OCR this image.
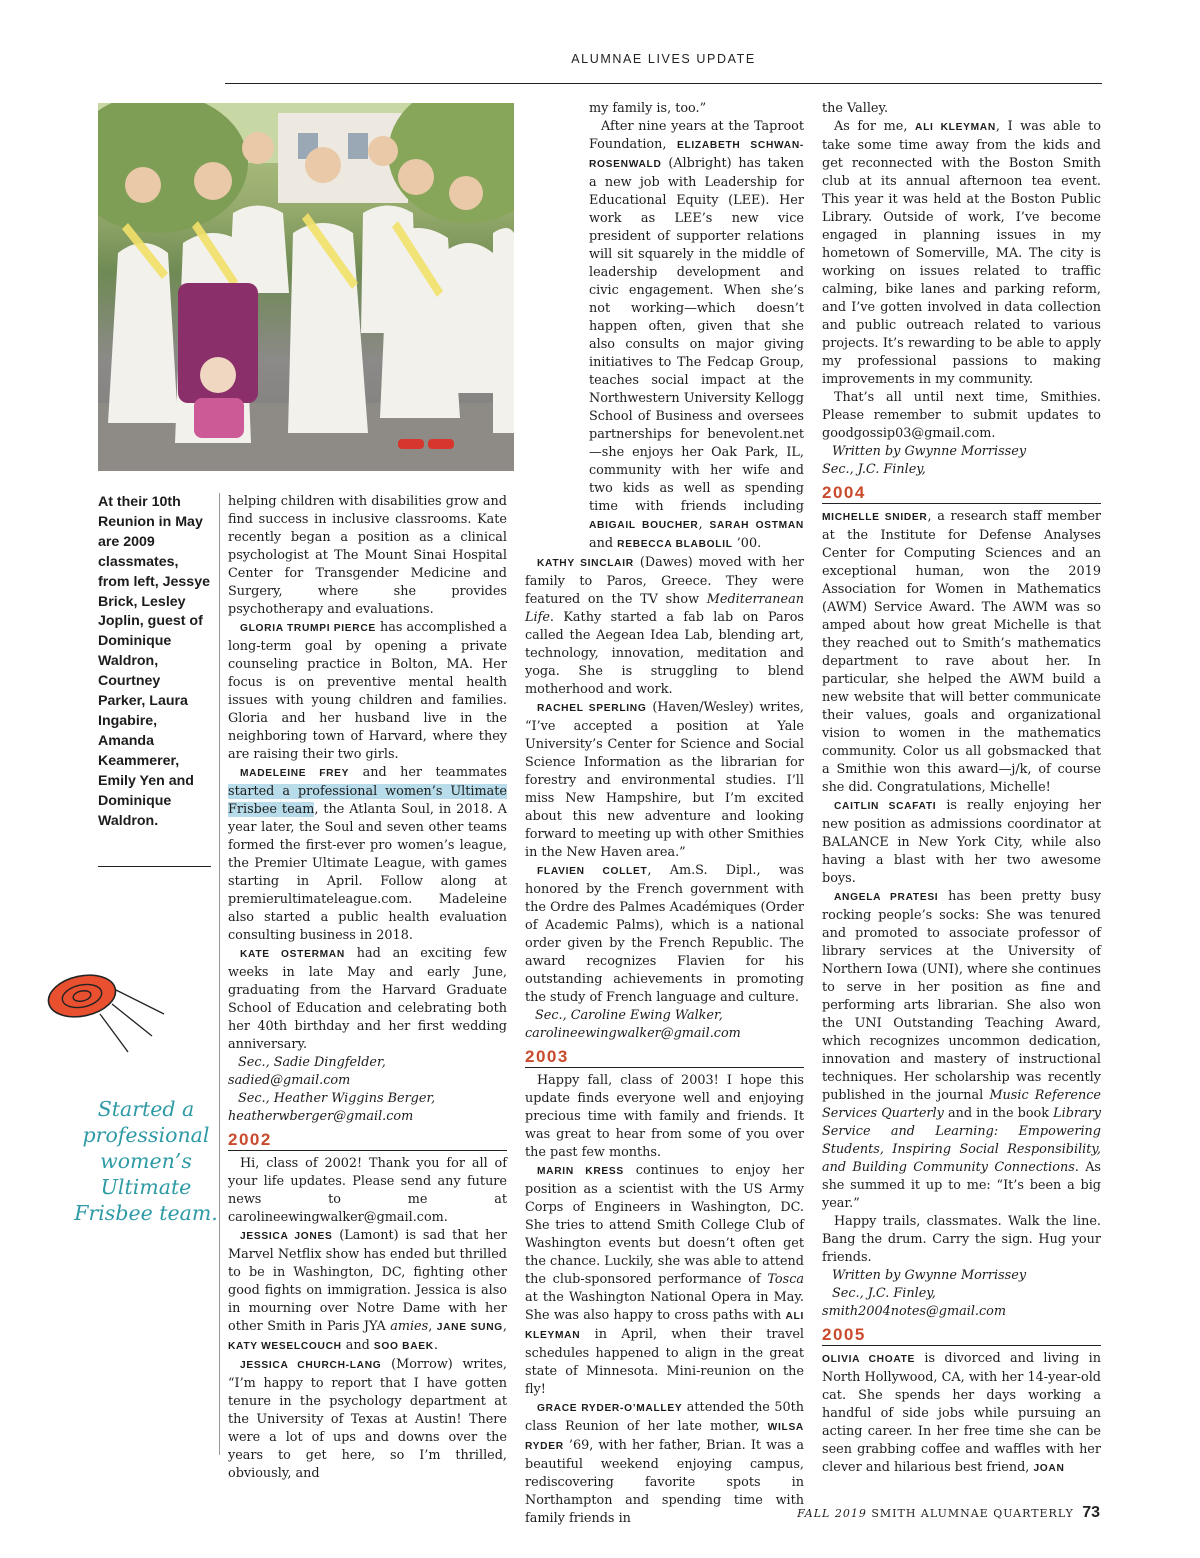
ALUMNAE LIVES UPDATE
At their 10th Reunion in May are 2009 classmates, from left, Jessye Brick, Lesley Joplin, guest of Dominique Waldron, Courtney Parker, Laura Ingabire, Amanda Keammerer, Emily Yen and Dominique Waldron.
Started a professional women’s Ultimate Frisbee team.

helping children with disabilities grow and find success in inclusive classrooms. Kate recently began a position as a clinical psychologist at The Mount Sinai Hospital Center for Transgender Medicine and Surgery, where she provides psychotherapy and evaluations.

GLORIA TRUMPI PIERCE has accomplished a long-term goal by opening a private counseling practice in Bolton, MA. Her focus is on preventive mental health issues with young children and families. Gloria and her husband live in the neighboring town of Harvard, where they are raising their two girls.

MADELEINE FREY and her teammates started a professional women’s Ultimate Frisbee team, the Atlanta Soul, in 2018. A year later, the Soul and seven other teams formed the first-ever pro women’s league, the Premier Ultimate League, with games starting in April. Follow along at premierultimateleague.com. Madeleine also started a public health evaluation consulting business in 2018.

KATE OSTERMAN had an exciting few weeks in late May and early June, graduating from the Harvard Graduate School of Education and celebrating both her 40th birthday and her first wedding anniversary.

Sec., Sadie Dingfelder,

sadied@gmail.com

Sec., Heather Wiggins Berger,

heatherwberger@gmail.com

2002

Hi, class of 2002! Thank you for all of your life updates. Please send any future news to me at carolineewingwalker@gmail.com.

JESSICA JONES (Lamont) is sad that her Marvel Netflix show has ended but thrilled to be in Washington, DC, fighting other good fights on immigration. Jessica is also in mourning over Notre Dame with her other Smith in Paris JYA amies, JANE SUNG, KATY WESELCOUCH and SOO BAEK.

JESSICA CHURCH-LANG (Morrow) writes, “I’m happy to report that I have gotten tenure in the psychology department at the University of Texas at Austin! There were a lot of ups and downs over the years to get here, so I’m thrilled, obviously, and

my family is, too.”

After nine years at the Taproot Foundation, ELIZABETH SCHWAN-ROSENWALD (Albright) has taken a new job with Leadership for Educational Equity (LEE). Her work as LEE’s new vice president of supporter relations will sit squarely in the middle of leadership development and civic engagement. When she’s not working—which doesn’t happen often, given that she also consults on major giving initiatives to The Fedcap Group, teaches social impact at the Northwestern University Kellogg School of Business and oversees partnerships for benevolent.net—she enjoys her Oak Park, IL, community with her wife and two kids as well as spending time with friends including ABIGAIL BOUCHER, SARAH OSTMAN and REBECCA BLABOLIL ’00.

KATHY SINCLAIR (Dawes) moved with her family to Paros, Greece. They were featured on the TV show Mediterranean Life. Kathy started a fab lab on Paros called the Aegean Idea Lab, blending art, technology, innovation, meditation and yoga. She is struggling to blend motherhood and work.

RACHEL SPERLING (Haven/Wesley) writes, “I’ve accepted a position at Yale University’s Center for Science and Social Science Information as the librarian for forestry and environmental studies. I’ll miss New Hampshire, but I’m excited about this new adventure and looking forward to meeting up with other Smithies in the New Haven area.”

FLAVIEN COLLET, Am.S. Dipl., was honored by the French government with the Ordre des Palmes Académiques (Order of Academic Palms), which is a national order given by the French Republic. The award recognizes Flavien for his outstanding achievements in promoting the study of French language and culture.

Sec., Caroline Ewing Walker,

carolineewingwalker@gmail.com

2003

Happy fall, class of 2003! I hope this update finds everyone well and enjoying precious time with family and friends. It was great to hear from some of you over the past few months.

MARIN KRESS continues to enjoy her position as a scientist with the US Army Corps of Engineers in Washington, DC. She tries to attend Smith College Club of Washington events but doesn’t often get the chance. Luckily, she was able to attend the club-sponsored performance of Tosca at the Washington National Opera in May. She was also happy to cross paths with ALI KLEYMAN in April, when their travel schedules happened to align in the great state of Minnesota. Mini-reunion on the fly!

GRACE RYDER-O’MALLEY attended the 50th class Reunion of her late mother, WILSA RYDER ’69, with her father, Brian. It was a beautiful weekend enjoying campus, rediscovering favorite spots in Northampton and spending time with family friends in

the Valley.

As for me, ALI KLEYMAN, I was able to take some time away from the kids and get reconnected with the Boston Smith club at its annual afternoon tea event. This year it was held at the Boston Public Library. Outside of work, I’ve become engaged in planning issues in my hometown of Somerville, MA. The city is working on issues related to traffic calming, bike lanes and parking reform, and I’ve gotten involved in data collection and public outreach related to various projects. It’s rewarding to be able to apply my professional passions to making improvements in my community.

That’s all until next time, Smithies. Please remember to submit updates to goodgossip03@gmail.com.

Written by Gwynne Morrissey

Sec., J.C. Finley,

2004

MICHELLE SNIDER, a research staff member at the Institute for Defense Analyses Center for Computing Sciences and an exceptional human, won the 2019 Association for Women in Mathematics (AWM) Service Award. The AWM was so amped about how great Michelle is that they reached out to Smith’s mathematics department to rave about her. In particular, she helped the AWM build a new website that will better communicate their values, goals and organizational vision to women in the mathematics community. Color us all gobsmacked that a Smithie won this award—j/k, of course she did. Congratulations, Michelle!

CAITLIN SCAFATI is really enjoying her new position as admissions coordinator at BALANCE in New York City, while also having a blast with her two awesome boys.

ANGELA PRATESI has been pretty busy rocking people’s socks: She was tenured and promoted to associate professor of library services at the University of Northern Iowa (UNI), where she continues to serve in her position as fine and performing arts librarian. She also won the UNI Outstanding Teaching Award, which recognizes uncommon dedication, innovation and mastery of instructional techniques. Her scholarship was recently published in the journal Music Reference Services Quarterly and in the book Library Service and Learning: Empowering Students, Inspiring Social Responsibility, and Building Community Connections. As she summed it up to me: “It’s been a big year.”

Happy trails, classmates. Walk the line. Bang the drum. Carry the sign. Hug your friends.

Written by Gwynne Morrissey

Sec., J.C. Finley,

smith2004notes@gmail.com

2005

OLIVIA CHOATE is divorced and living in North Hollywood, CA, with her 14-year-old cat. She spends her days working a handful of side jobs while pursuing an acting career. In her free time she can be seen grabbing coffee and waffles with her clever and hilarious best friend, JOAN

FALL 2019 SMITH ALUMNAE QUARTERLY 73
